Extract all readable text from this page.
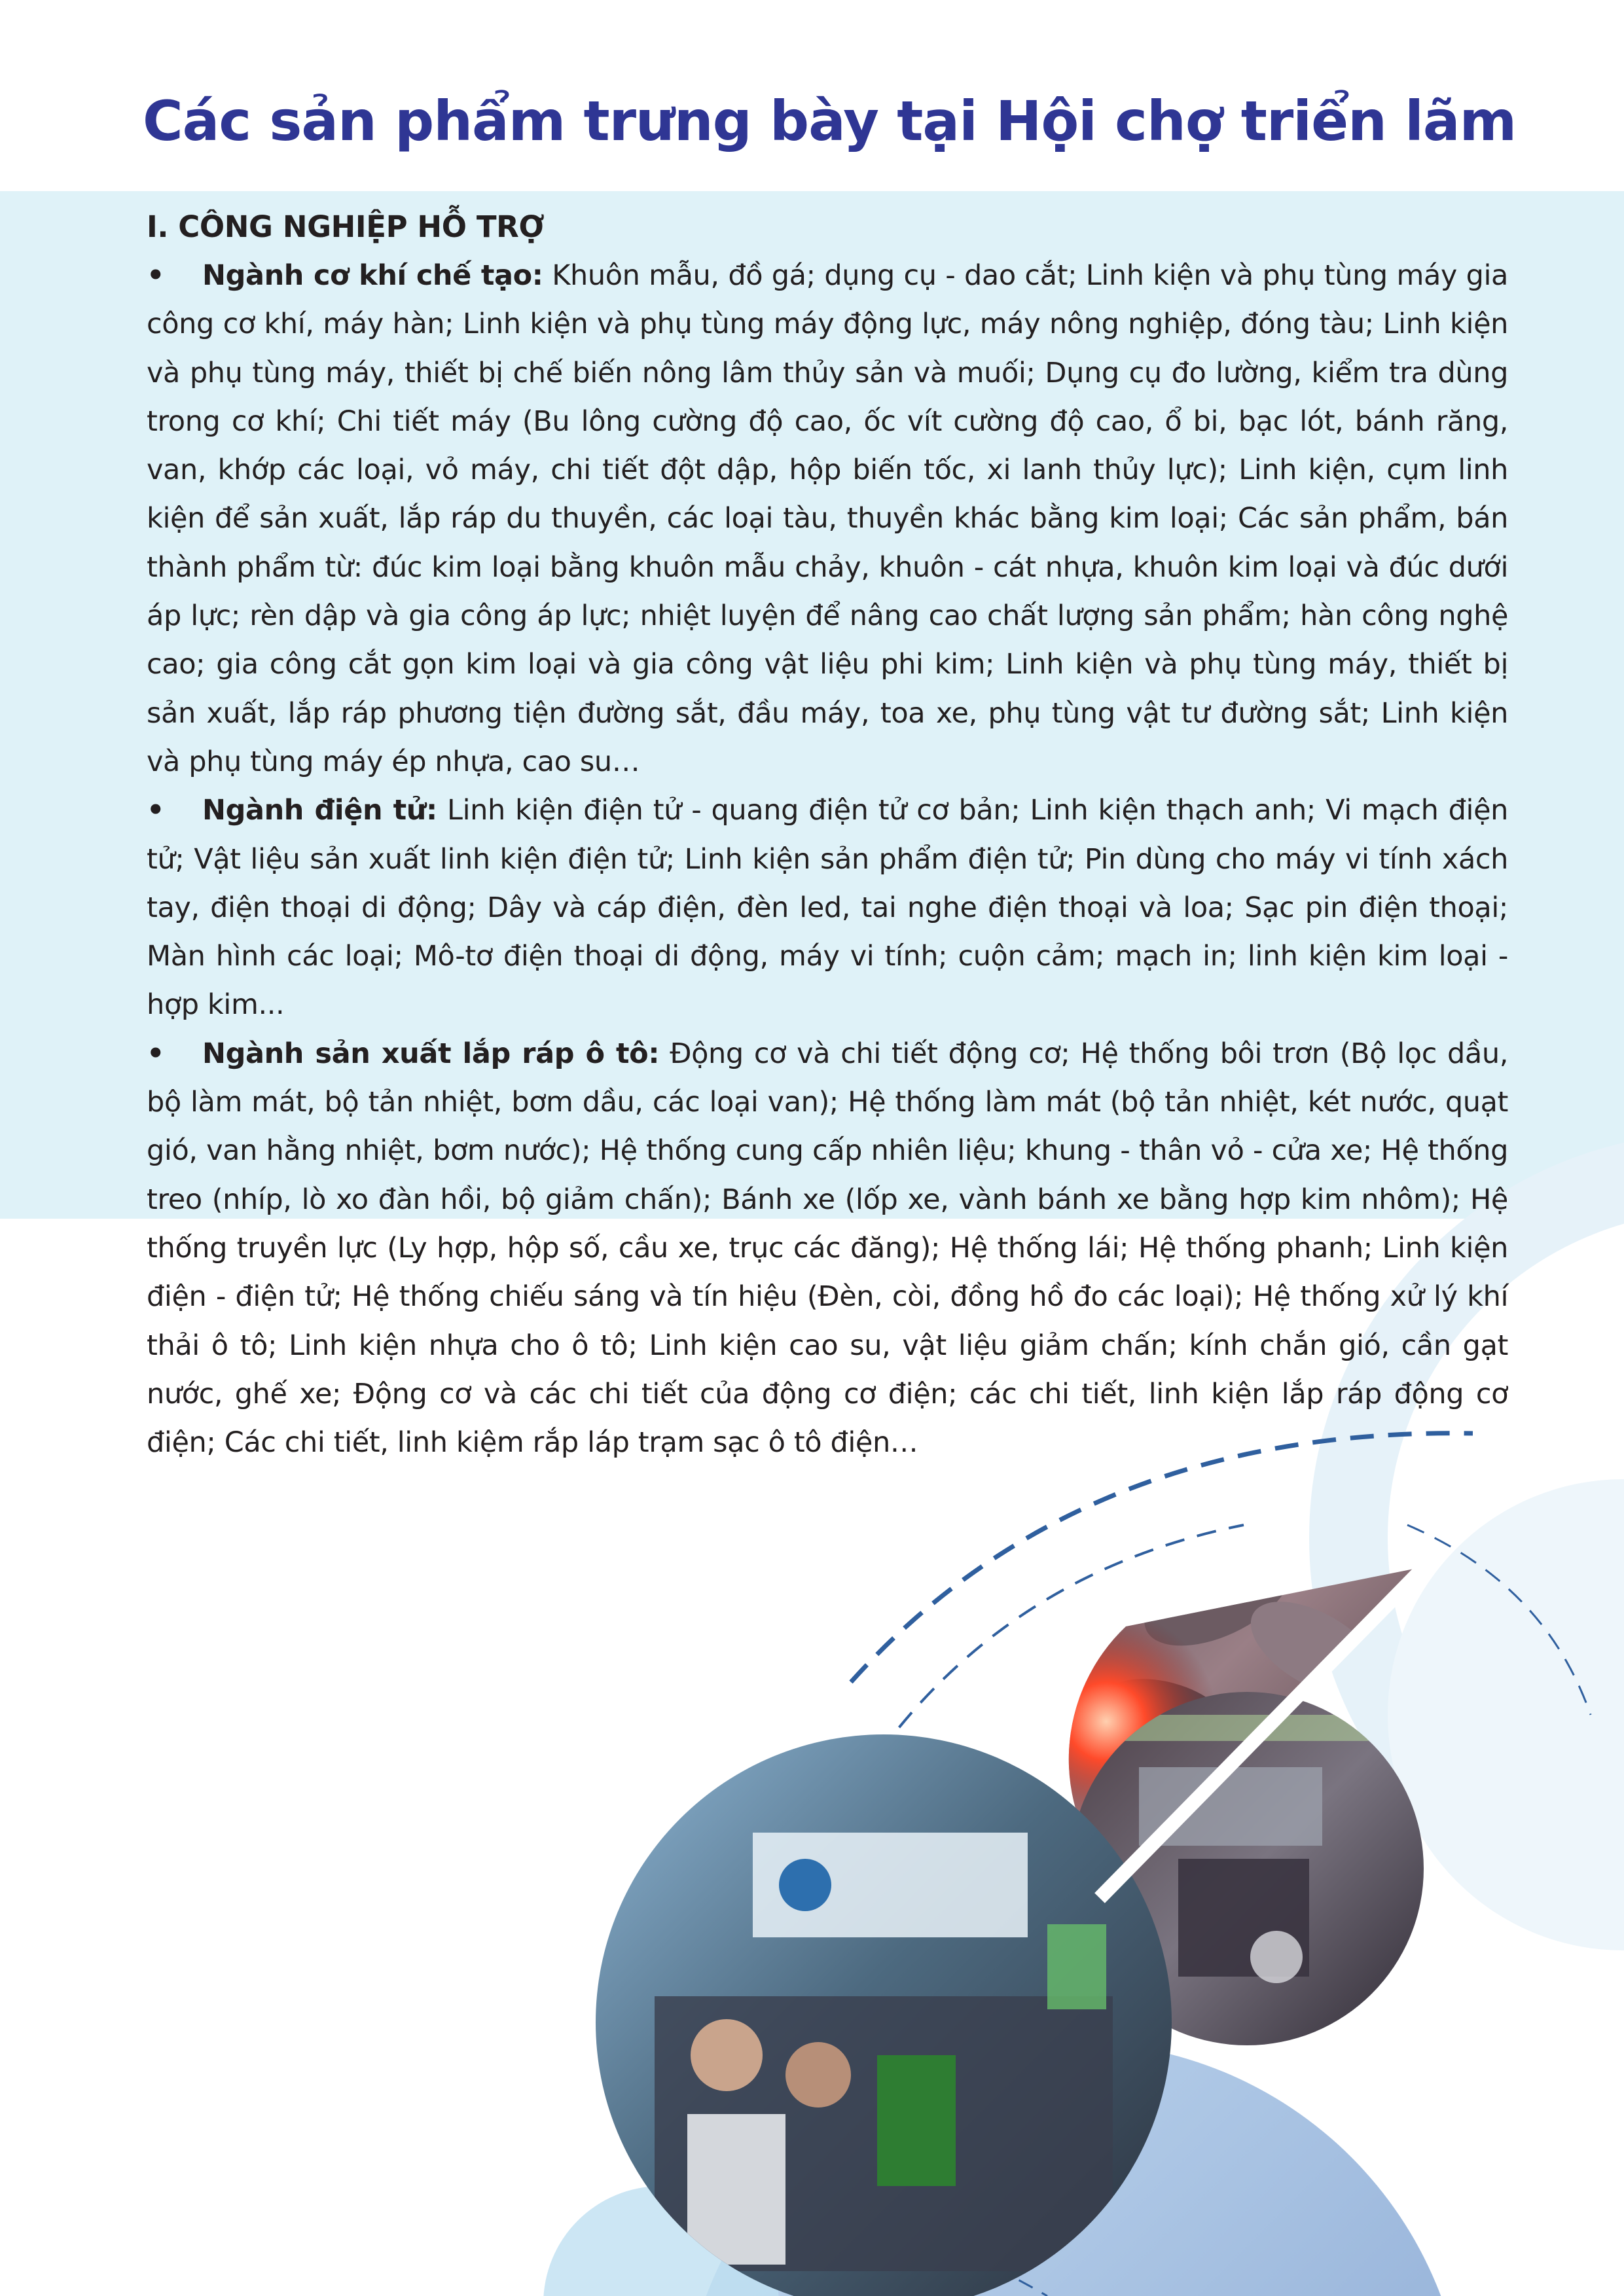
Các sản phẩm trưng bày tại Hội chợ triển lãm

I. CÔNG NGHIỆP HỖ TRỢ

• Ngành cơ khí chế tạo: Khuôn mẫu, đồ gá; dụng cụ - dao cắt; Linh kiện và phụ tùng máy gia công cơ khí, máy hàn; Linh kiện và phụ tùng máy động lực, máy nông nghiệp, đóng tàu; Linh kiện và phụ tùng máy, thiết bị chế biến nông lâm thủy sản và muối; Dụng cụ đo lường, kiểm tra dùng trong cơ khí; Chi tiết máy (Bu lông cường độ cao, ốc vít cường độ cao, ổ bi, bạc lót, bánh răng, van, khớp các loại, vỏ máy, chi tiết đột dập, hộp biến tốc, xi lanh thủy lực); Linh kiện, cụm linh kiện để sản xuất, lắp ráp du thuyền, các loại tàu, thuyền khác bằng kim loại; Các sản phẩm, bán thành phẩm từ: đúc kim loại bằng khuôn mẫu chảy, khuôn - cát nhựa, khuôn kim loại và đúc dưới áp lực; rèn dập và gia công áp lực; nhiệt luyện để nâng cao chất lượng sản phẩm; hàn công nghệ cao; gia công cắt gọn kim loại và gia công vật liệu phi kim; Linh kiện và phụ tùng máy, thiết bị sản xuất, lắp ráp phương tiện đường sắt, đầu máy, toa xe, phụ tùng vật tư đường sắt; Linh kiện và phụ tùng máy ép nhựa, cao su…

• Ngành điện tử: Linh kiện điện tử - quang điện tử cơ bản; Linh kiện thạch anh; Vi mạch điện tử; Vật liệu sản xuất linh kiện điện tử; Linh kiện sản phẩm điện tử; Pin dùng cho máy vi tính xách tay, điện thoại di động; Dây và cáp điện, đèn led, tai nghe điện thoại và loa; Sạc pin điện thoại; Màn hình các loại; Mô-tơ điện thoại di động, máy vi tính; cuộn cảm; mạch in; linh kiện kim loại - hợp kim...

• Ngành sản xuất lắp ráp ô tô: Động cơ và chi tiết động cơ; Hệ thống bôi trơn (Bộ lọc dầu, bộ làm mát, bộ tản nhiệt, bơm dầu, các loại van); Hệ thống làm mát (bộ tản nhiệt, két nước, quạt gió, van hằng nhiệt, bơm nước); Hệ thống cung cấp nhiên liệu; khung - thân vỏ - cửa xe; Hệ thống treo (nhíp, lò xo đàn hồi, bộ giảm chấn); Bánh xe (lốp xe, vành bánh xe bằng hợp kim nhôm); Hệ thống truyền lực (Ly hợp, hộp số, cầu xe, trục các đăng); Hệ thống lái; Hệ thống phanh; Linh kiện điện - điện tử; Hệ thống chiếu sáng và tín hiệu (Đèn, còi, đồng hồ đo các loại); Hệ thống xử lý khí thải ô tô; Linh kiện nhựa cho ô tô; Linh kiện cao su, vật liệu giảm chấn; kính chắn gió, cần gạt nước, ghế xe; Động cơ và các chi tiết của động cơ điện; các chi tiết, linh kiện lắp ráp động cơ điện; Các chi tiết, linh kiệm rắp láp trạm sạc ô tô điện…
